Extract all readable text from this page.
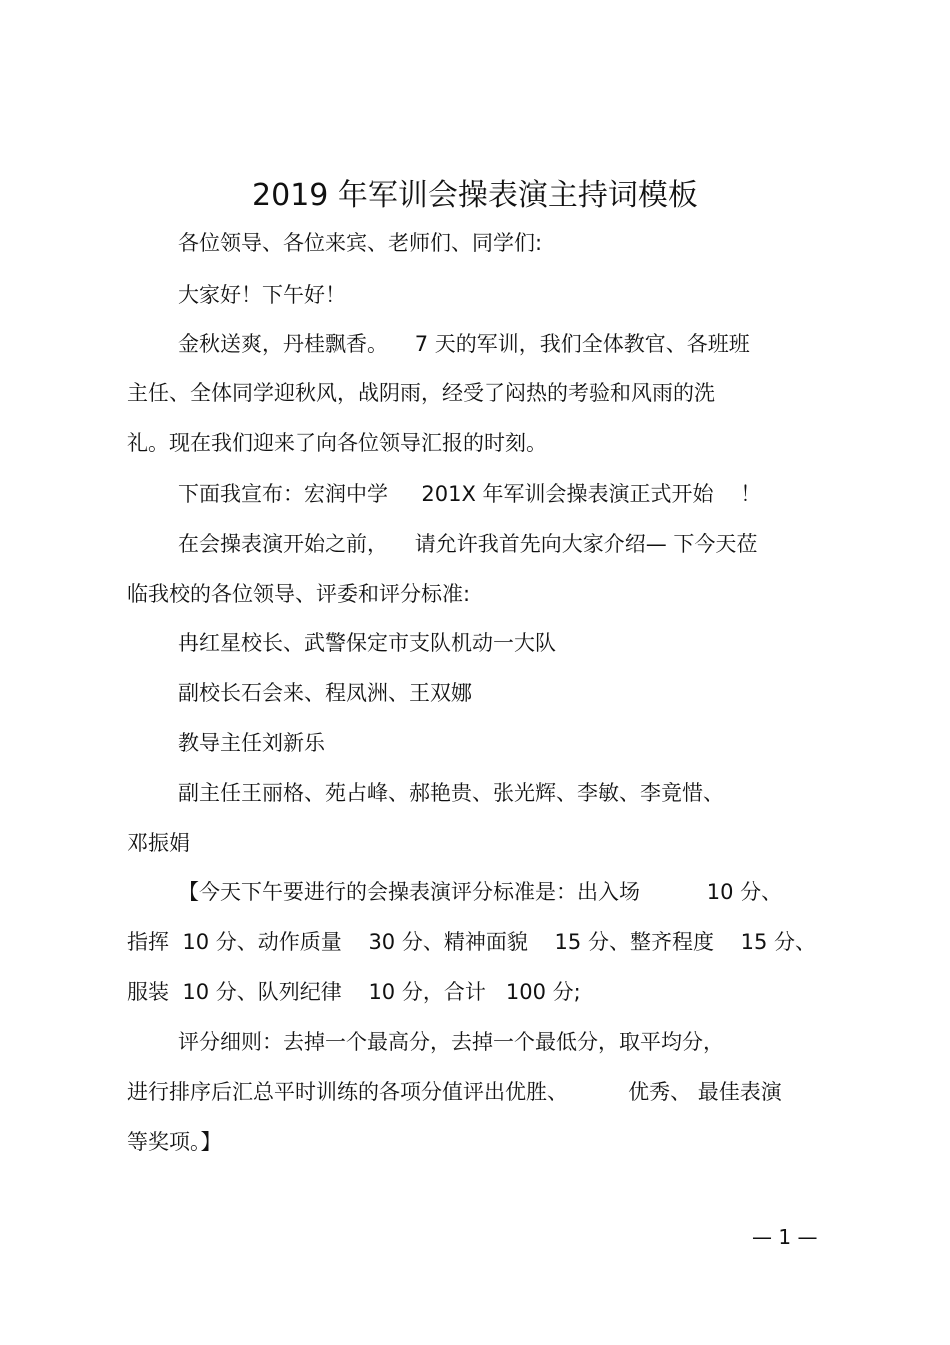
2019 年军训会操表演主持词模板

各位领导、各位来宾、老师们、同学们:

大家好！下午好！

金秋送爽，丹桂飘香。    7 天的军训，我们全体教官、各班班

主任、全体同学迎秋风，战阴雨，经受了闷热的考验和风雨的洗

礼。现在我们迎来了向各位领导汇报的时刻。

下面我宣布：宏润中学     201X 年军训会操表演正式开始    ！

在会操表演开始之前，    请允许我首先向大家介绍— 下今天莅

临我校的各位领导、评委和评分标准:

冉红星校长、武警保定市支队机动一大队

副校长石会来、程凤洲、王双娜

教导主任刘新乐

副主任王丽格、苑占峰、郝艳贵、张光辉、李敏、李竟惜、

邓振娟

【今天下午要进行的会操表演评分标准是：出入场          10 分、

指挥  10 分、动作质量    30 分、精神面貌    15 分、整齐程度    15 分、

服装  10 分、队列纪律    10 分，合计   100 分;

评分细则：去掉一个最高分，去掉一个最低分，取平均分，

进行排序后汇总平时训练的各项分值评出优胜、         优秀、 最佳表演

等奖项。】

— 1 —
